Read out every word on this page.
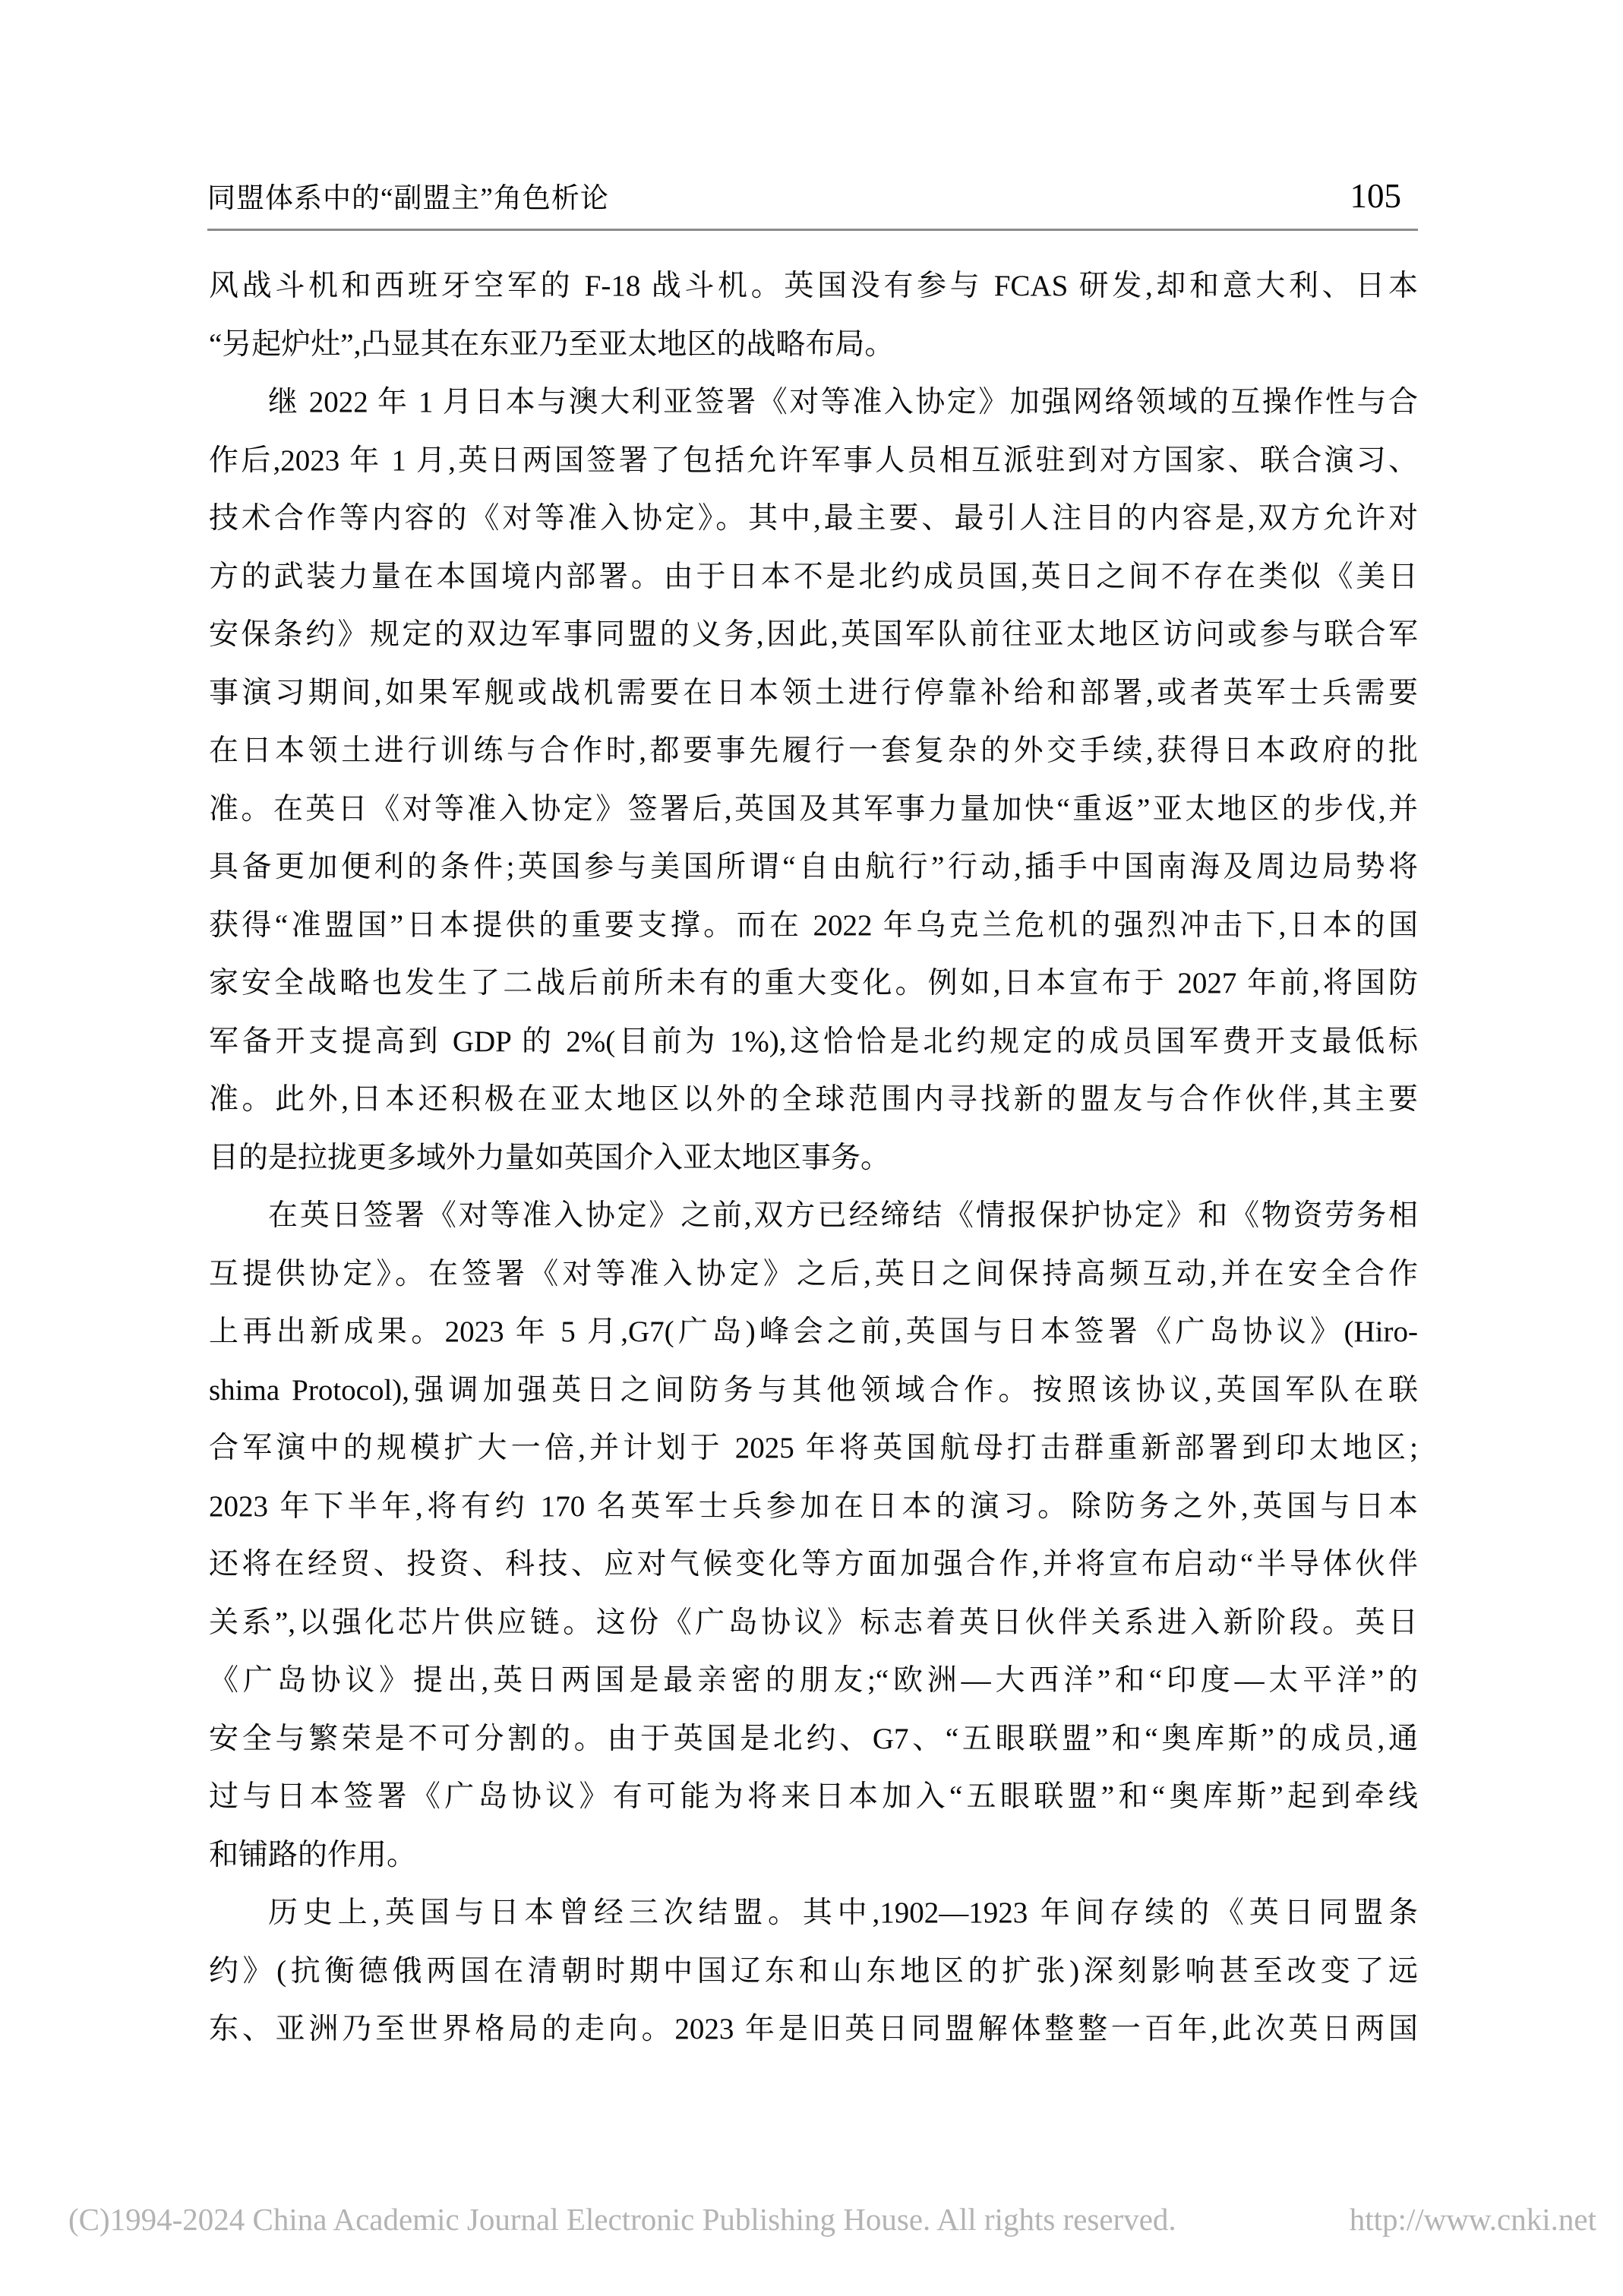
同盟体系中的“副盟主”角色析论	105
风战斗机和西班牙空军的 F-18 战斗机。英国没有参与 FCAS 研发,却和意大利、日本
“另起炉灶”,凸显其在东亚乃至亚太地区的战略布局。
继 2022 年 1 月日本与澳大利亚签署《对等准入协定》加强网络领域的互操作性与合
作后,2023 年 1 月,英日两国签署了包括允许军事人员相互派驻到对方国家、联合演习、
技术合作等内容的《对等准入协定》。其中,最主要、最引人注目的内容是,双方允许对
方的武装力量在本国境内部署。由于日本不是北约成员国,英日之间不存在类似《美日
安保条约》规定的双边军事同盟的义务,因此,英国军队前往亚太地区访问或参与联合军
事演习期间,如果军舰或战机需要在日本领土进行停靠补给和部署,或者英军士兵需要
在日本领土进行训练与合作时,都要事先履行一套复杂的外交手续,获得日本政府的批
准。在英日《对等准入协定》签署后,英国及其军事力量加快“重返”亚太地区的步伐,并
具备更加便利的条件;英国参与美国所谓“自由航行”行动,插手中国南海及周边局势将
获得“准盟国”日本提供的重要支撑。而在 2022 年乌克兰危机的强烈冲击下,日本的国
家安全战略也发生了二战后前所未有的重大变化。例如,日本宣布于 2027 年前,将国防
军备开支提高到 GDP 的 2%(目前为 1%),这恰恰是北约规定的成员国军费开支最低标
准。此外,日本还积极在亚太地区以外的全球范围内寻找新的盟友与合作伙伴,其主要
目的是拉拢更多域外力量如英国介入亚太地区事务。
在英日签署《对等准入协定》之前,双方已经缔结《情报保护协定》和《物资劳务相
互提供协定》。在签署《对等准入协定》之后,英日之间保持高频互动,并在安全合作
上再出新成果。2023 年 5 月,G7(广岛)峰会之前,英国与日本签署《广岛协议》(Hiro-
shima Protocol),强调加强英日之间防务与其他领域合作。按照该协议,英国军队在联
合军演中的规模扩大一倍,并计划于 2025 年将英国航母打击群重新部署到印太地区;
2023 年下半年,将有约 170 名英军士兵参加在日本的演习。除防务之外,英国与日本
还将在经贸、投资、科技、应对气候变化等方面加强合作,并将宣布启动“半导体伙伴
关系”,以强化芯片供应链。这份《广岛协议》标志着英日伙伴关系进入新阶段。英日
《广岛协议》提出,英日两国是最亲密的朋友;“欧洲—大西洋”和“印度—太平洋”的
安全与繁荣是不可分割的。由于英国是北约、G7、“五眼联盟”和“奥库斯”的成员,通
过与日本签署《广岛协议》有可能为将来日本加入“五眼联盟”和“奥库斯”起到牵线
和铺路的作用。
历史上,英国与日本曾经三次结盟。其中,1902—1923 年间存续的《英日同盟条
约》(抗衡德俄两国在清朝时期中国辽东和山东地区的扩张)深刻影响甚至改变了远
东、亚洲乃至世界格局的走向。2023 年是旧英日同盟解体整整一百年,此次英日两国
(C)1994-2024 China Academic Journal Electronic Publishing House. All rights reserved.	http://www.cnki.net
